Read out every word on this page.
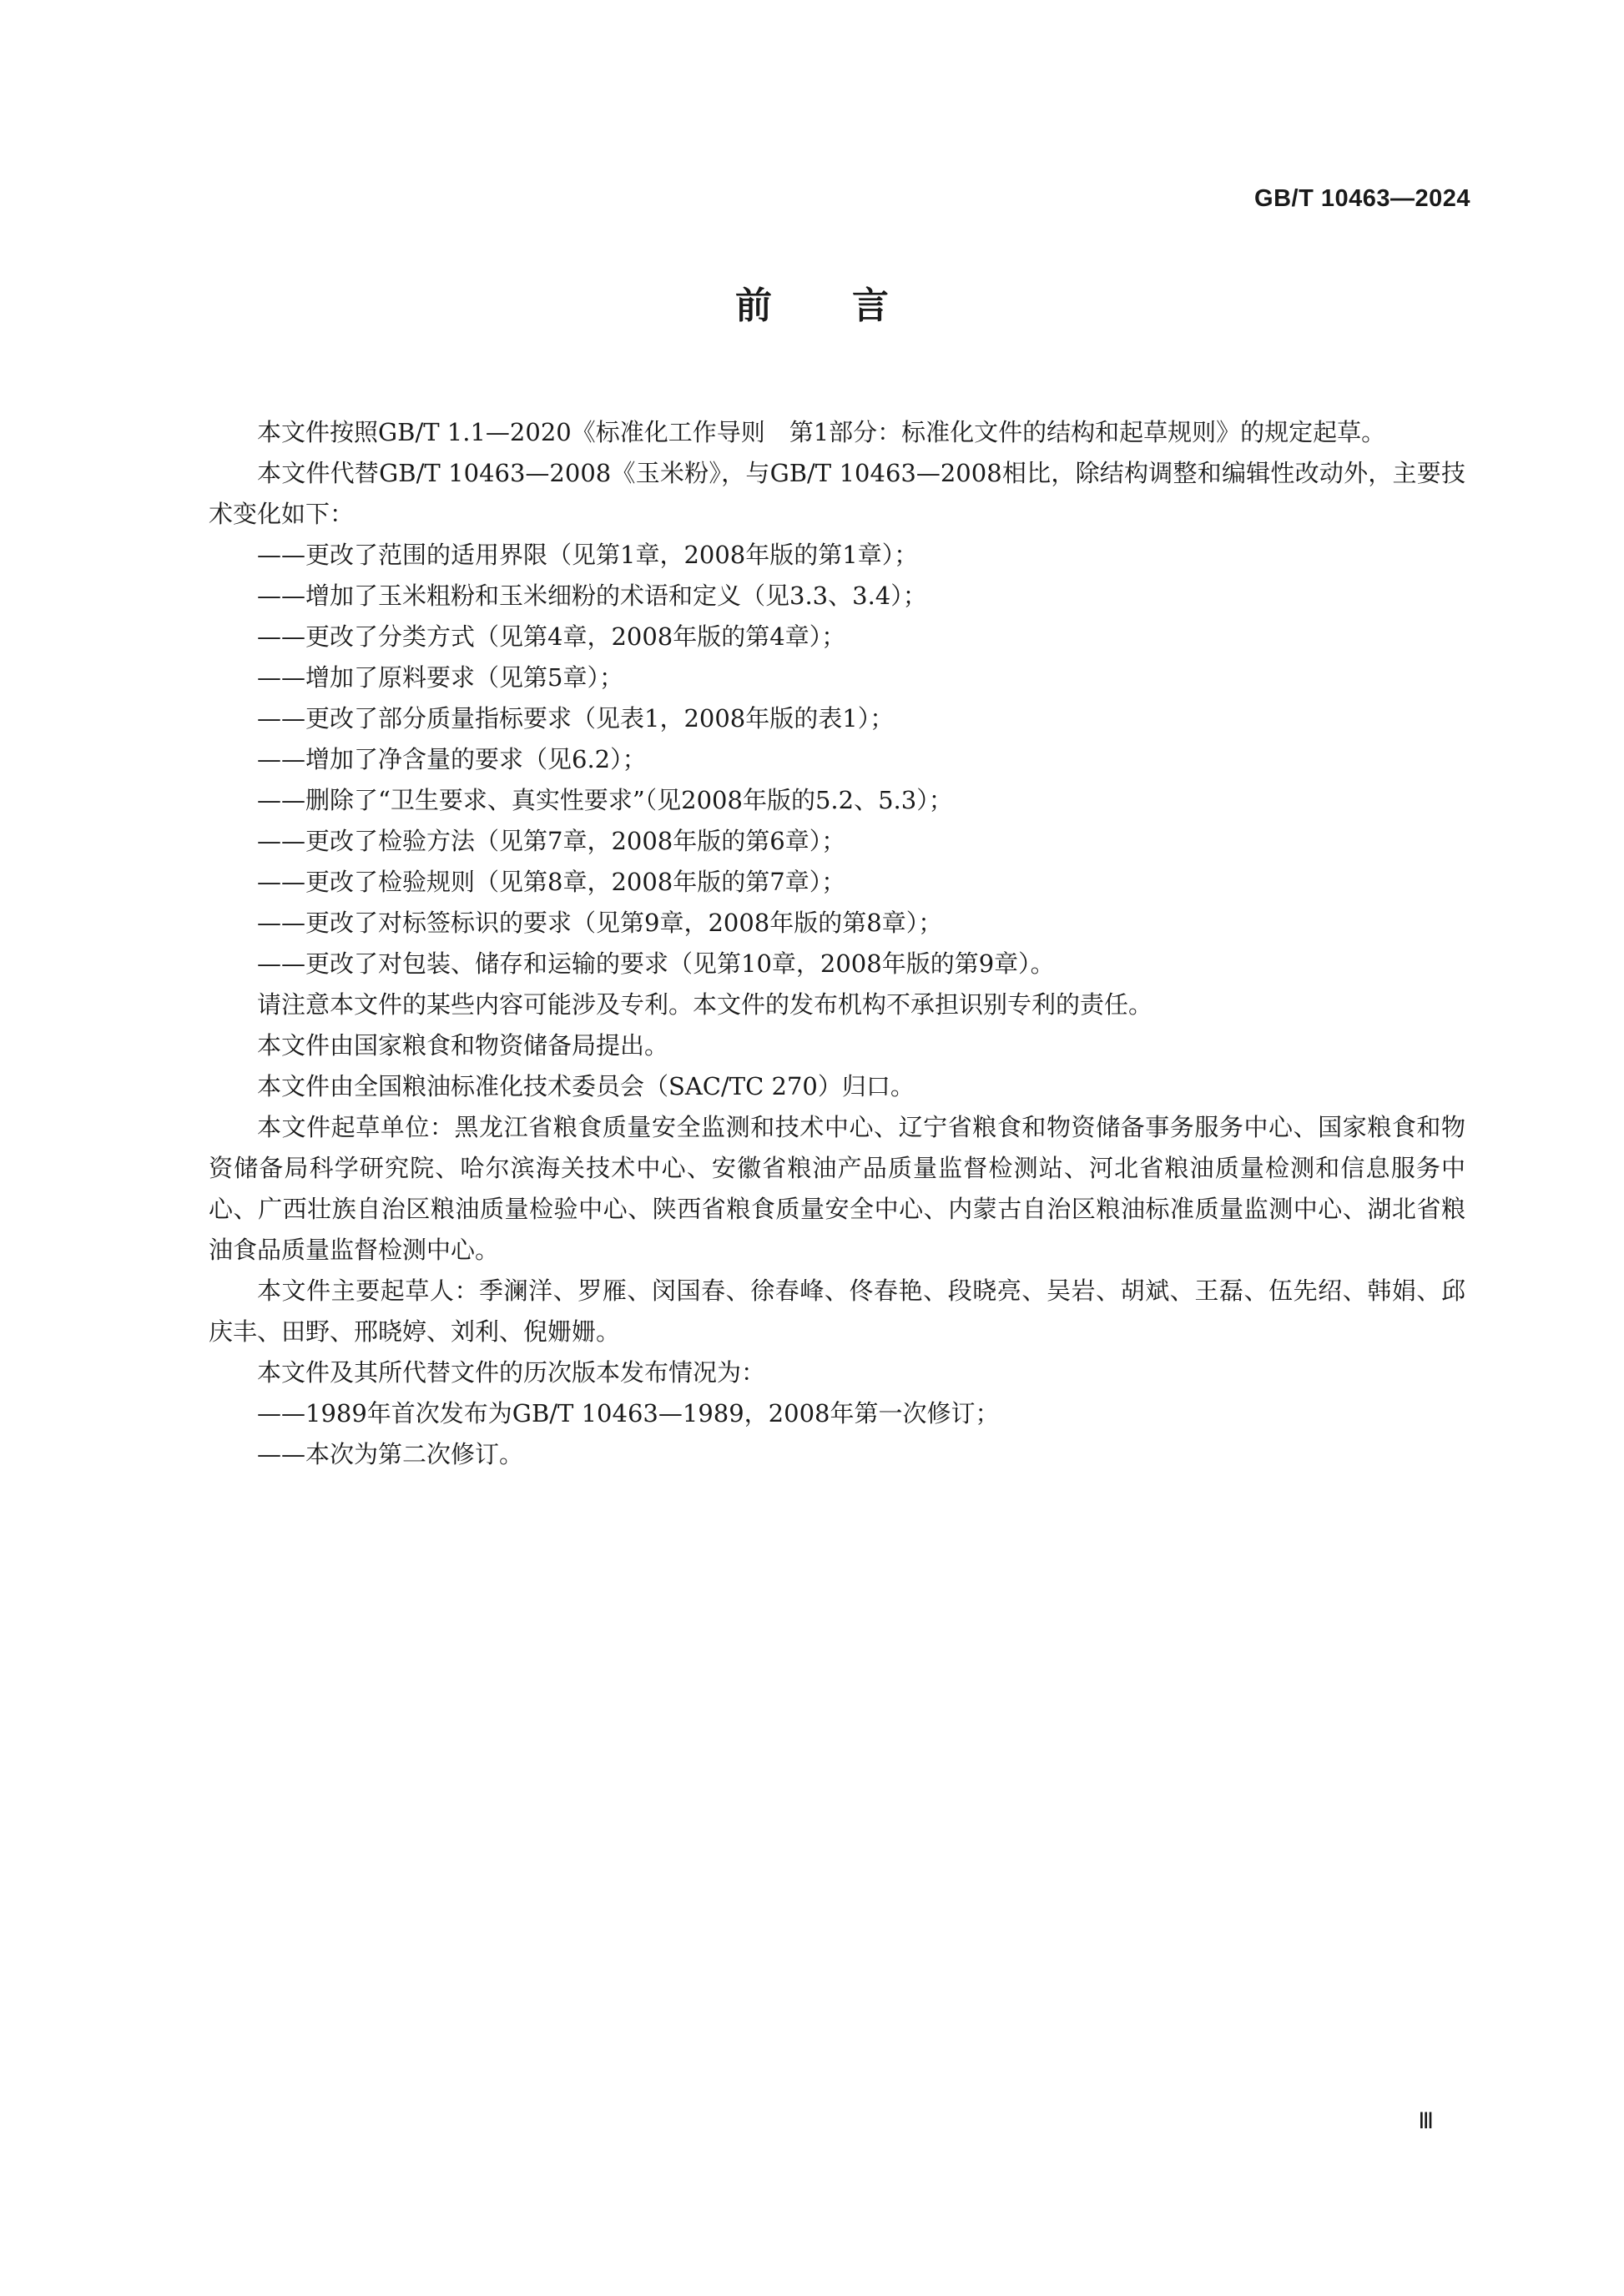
GB/T 10463—2024
前 言

本文件按照GB/T 1.1—2020《标准化工作导则　第1部分：标准化文件的结构和起草规则》的规定起草。

本文件代替GB/T 10463—2008《玉米粉》，与GB/T 10463—2008相比，除结构调整和编辑性改动外，主要技术变化如下：

——更改了范围的适用界限（见第1章，2008年版的第1章）；

——增加了玉米粗粉和玉米细粉的术语和定义（见3.3、3.4）；

——更改了分类方式（见第4章，2008年版的第4章）；

——增加了原料要求（见第5章）；

——更改了部分质量指标要求（见表1，2008年版的表1）；

——增加了净含量的要求（见6.2）；

——删除了“卫生要求、真实性要求”（见2008年版的5.2、5.3）；

——更改了检验方法（见第7章，2008年版的第6章）；

——更改了检验规则（见第8章，2008年版的第7章）；

——更改了对标签标识的要求（见第9章，2008年版的第8章）；

——更改了对包装、储存和运输的要求（见第10章，2008年版的第9章）。

请注意本文件的某些内容可能涉及专利。本文件的发布机构不承担识别专利的责任。

本文件由国家粮食和物资储备局提出。

本文件由全国粮油标准化技术委员会（SAC/TC 270）归口。

本文件起草单位：黑龙江省粮食质量安全监测和技术中心、辽宁省粮食和物资储备事务服务中心、国家粮食和物资储备局科学研究院、哈尔滨海关技术中心、安徽省粮油产品质量监督检测站、河北省粮油质量检测和信息服务中心、广西壮族自治区粮油质量检验中心、陕西省粮食质量安全中心、内蒙古自治区粮油标准质量监测中心、湖北省粮油食品质量监督检测中心。

本文件主要起草人：季澜洋、罗雁、闵国春、徐春峰、佟春艳、段晓亮、吴岩、胡斌、王磊、伍先绍、韩娟、邱庆丰、田野、邢晓婷、刘利、倪姗姗。

本文件及其所代替文件的历次版本发布情况为：

——1989年首次发布为GB/T 10463—1989，2008年第一次修订；

——本次为第二次修订。

Ⅲ
